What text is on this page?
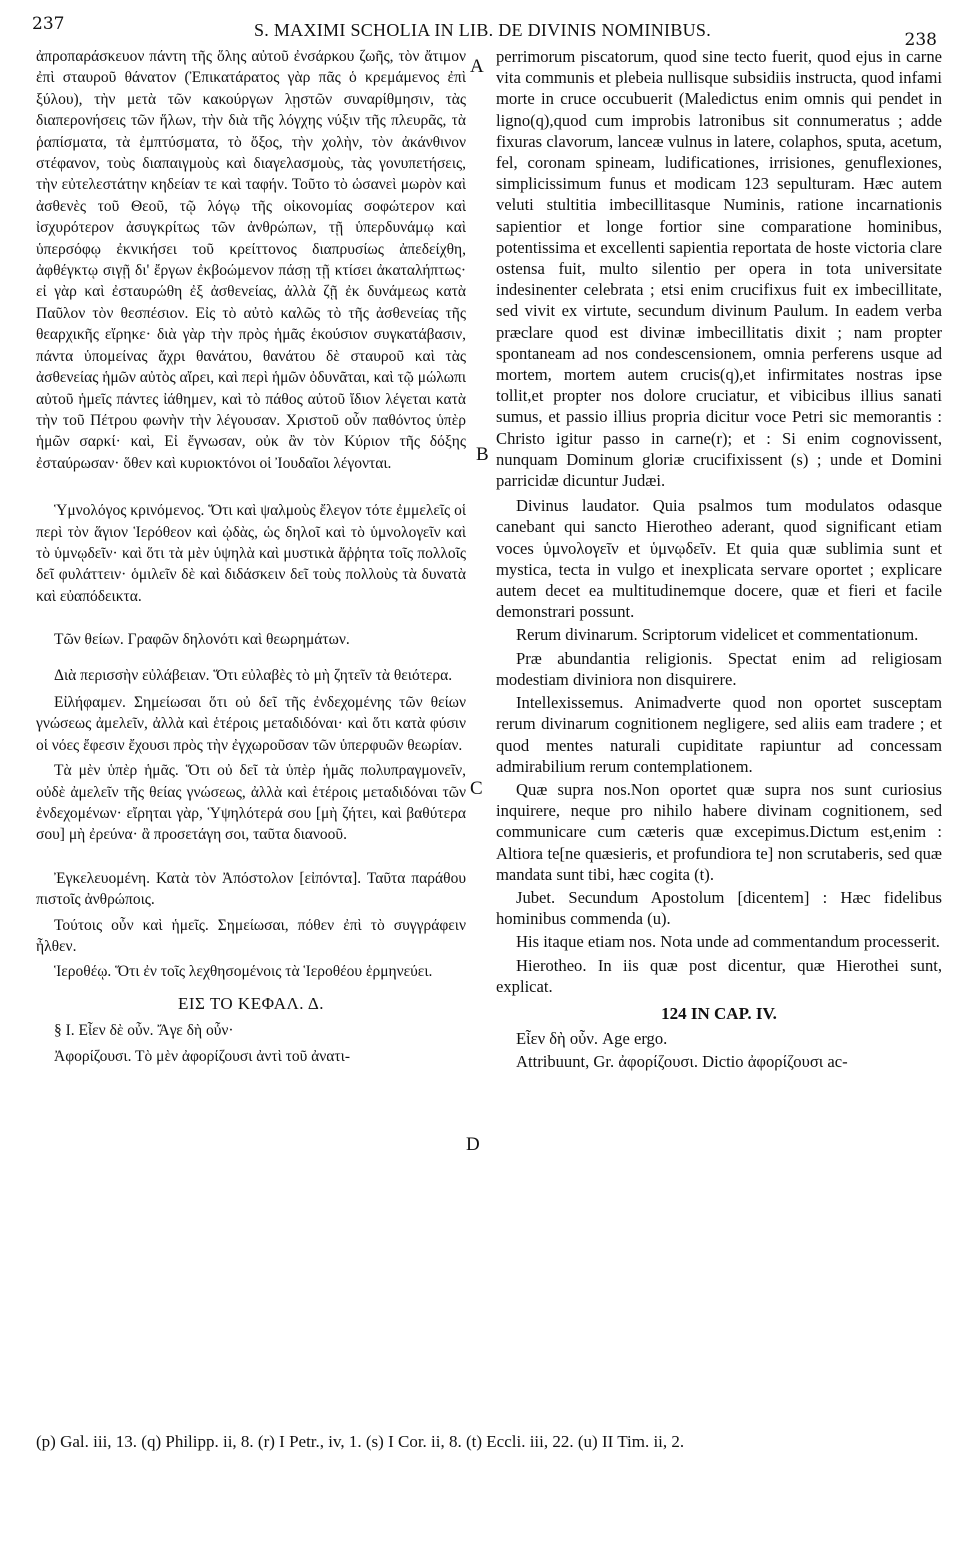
237	S. MAXIMI SCHOLIA IN LIB. DE DIVINIS NOMINIBUS.	238

ἀπροπαράσκευον πάντη τῆς ὅλης αὐτοῦ ἐνσάρκου ζωῆς, τὸν ἄτιμον ἐπὶ σταυροῦ θάνατον (Ἐπικατάρατος γὰρ πᾶς ὁ κρεμάμενος ἐπὶ ξύλου), τὴν μετὰ τῶν κακούργων λῃστῶν συναρίθμησιν, τὰς διαπερονήσεις τῶν ἥλων, τὴν διὰ τῆς λόγχης νύξιν τῆς πλευρᾶς, τὰ ῥαπίσματα, τὰ ἐμπτύσματα, τὸ ὄξος, τὴν χολὴν, τὸν ἀκάνθινον στέφανον, τοὺς διαπαιγμοὺς καὶ διαγελασμοὺς, τὰς γονυπετήσεις, τὴν εὐτελεστάτην κηδείαν τε καὶ ταφήν. Τοῦτο τὸ ὡσανεὶ μωρὸν καὶ ἀσθενὲς τοῦ Θεοῦ, τῷ λόγῳ τῆς οἰκονομίας σοφώτερον καὶ ἰσχυρότερον ἀσυγκρίτως τῶν ἀνθρώπων, τῇ ὑπερδυνάμῳ καὶ ὑπερσόφῳ ἐκνικήσει τοῦ κρείττονος διαπρυσίως ἀπεδείχθη, ἀφθέγκτῳ σιγῇ δι' ἔργων ἐκβοώμενον πάσῃ τῇ κτίσει ἀκαταλήπτως· εἰ γὰρ καὶ ἐσταυρώθη ἐξ ἀσθενείας, ἀλλὰ ζῇ ἐκ δυνάμεως κατὰ Παῦλον τὸν θεσπέσιον. Εἰς τὸ αὐτὸ καλῶς τὸ τῆς ἀσθενείας τῆς θεαρχικῆς εἴρηκε· διὰ γὰρ τὴν πρὸς ἡμᾶς ἑκούσιον συγκατάβασιν, πάντα ὑπομείνας ἄχρι θανάτου, θανάτου δὲ σταυροῦ καὶ τὰς ἀσθενείας ἡμῶν αὐτὸς αἴρει, καὶ περὶ ἡμῶν ὀδυνᾶται, καὶ τῷ μώλωπι αὐτοῦ ἡμεῖς πάντες ἰάθημεν, καὶ τὸ πάθος αὐτοῦ ἴδιον λέγεται κατὰ τὴν τοῦ Πέτρου φωνὴν τὴν λέγουσαν. Χριστοῦ οὖν παθόντος ὑπὲρ ἡμῶν σαρκί· καὶ, Εἰ ἔγνωσαν, οὐκ ἂν τὸν Κύριον τῆς δόξης ἐσταύρωσαν· ὅθεν καὶ κυριοκτόνοι οἱ Ἰουδαῖοι λέγονται.

Ὑμνολόγος κρινόμενος. Ὅτι καὶ ψαλμοὺς ἔλεγον τότε ἐμμελεῖς οἱ περὶ τὸν ἅγιον Ἱερόθεον καὶ ᾠδὰς, ὡς δηλοῖ καὶ τὸ ὑμνολογεῖν καὶ τὸ ὑμνῳδεῖν· καὶ ὅτι τὰ μὲν ὑψηλὰ καὶ μυστικὰ ἄῤῥητα τοῖς πολλοῖς δεῖ φυλάττειν· ὁμιλεῖν δὲ καὶ διδάσκειν δεῖ τοὺς πολλοὺς τὰ δυνατὰ καὶ εὐαπόδεικτα.

Τῶν θείων. Γραφῶν δηλονότι καὶ θεωρημάτων.

Διὰ περισσὴν εὐλάβειαν. Ὅτι εὐλαβὲς τὸ μὴ ζητεῖν τὰ θειότερα.

Εἰλήφαμεν. Σημείωσαι ὅτι οὐ δεῖ τῆς ἐνδεχομένης τῶν θείων γνώσεως ἀμελεῖν, ἀλλὰ καὶ ἑτέροις μεταδιδόναι· καὶ ὅτι κατὰ φύσιν οἱ νόες ἔφεσιν ἔχουσι πρὸς τὴν ἐγχωροῦσαν τῶν ὑπερφυῶν θεωρίαν.

Τὰ μὲν ὑπὲρ ἡμᾶς. Ὅτι οὐ δεῖ τὰ ὑπὲρ ἡμᾶς πολυπραγμονεῖν, οὐδὲ ἀμελεῖν τῆς θείας γνώσεως, ἀλλὰ καὶ ἑτέροις μεταδιδόναι τῶν ἐνδεχομένων· εἴρηται γὰρ, Ὑψηλότερά σου [μὴ ζήτει, καὶ βαθύτερα σου] μὴ ἐρεύνα· ἃ προσετάγη σοι, ταῦτα διανοοῦ.

Ἐγκελευομένη. Κατὰ τὸν Ἀπόστολον [εἰπόντα]. Ταῦτα παράθου πιστοῖς ἀνθρώποις.

Τούτοις οὖν καὶ ἡμεῖς. Σημείωσαι, πόθεν ἐπὶ τὸ συγγράφειν ἦλθεν.

Ἱεροθέῳ. Ὅτι ἐν τοῖς λεχθησομένοις τὰ Ἱεροθέου ἑρμηνεύει.

ΕΙΣ ΤΟ ΚΕΦΑΛ. Δ.

§ I. Εἶεν δὲ οὖν. Ἄγε δὴ οὖν·

Ἀφορίζουσι. Τὸ μὲν ἀφορίζουσι ἀντὶ τοῦ ἀνατι-

perrimorum piscatorum, quod sine tecto fuerit, quod ejus in carne vita communis et plebeia nullisque subsidiis instructa, quod infami morte in cruce occubuerit (Maledictus enim omnis qui pendet in ligno(q),quod cum improbis latronibus sit connumeratus ; adde fixuras clavorum, lanceæ vulnus in latere, colaphos, sputa, acetum, fel, coronam spineam, ludificationes, irrisiones, genuflexiones, simplicissimum funus et modicam 123 sepulturam. Hæc autem veluti stultitia imbecillitasque Numinis, ratione incarnationis sapientior et longe fortior sine comparatione hominibus, potentissima et excellenti sapientia reportata de hoste victoria clare ostensa fuit, multo silentio per opera in tota universitate indesinenter celebrata ; etsi enim crucifixus fuit ex imbecillitate, sed vivit ex virtute, secundum divinum Paulum. In eadem verba præclare quod est divinæ imbecillitatis dixit ; nam propter spontaneam ad nos condescensionem, omnia perferens usque ad mortem, mortem autem crucis(q),et infirmitates nostras ipse tollit,et propter nos dolore cruciatur, et vibicibus illius sanati sumus, et passio illius propria dicitur voce Petri sic memorantis : Christo igitur passo in carne(r); et : Si enim cognovissent, nunquam Dominum gloriæ crucifixissent (s) ; unde et Domini parricidæ dicuntur Judæi.

Divinus laudator. Quia psalmos tum modulatos odasque canebant qui sancto Hierotheo aderant, quod significant etiam voces ὑμνολογεῖν et ὑμνῳδεῖν. Et quia quæ sublimia sunt et mystica, tecta in vulgo et inexplicata servare oportet ; explicare autem decet ea multitudinemque docere, quæ et fieri et facile demonstrari possunt.

Rerum divinarum. Scriptorum videlicet et commentationum.

Præ abundantia religionis. Spectat enim ad religiosam modestiam diviniora non disquirere.

Intellexissemus. Animadverte quod non oportet susceptam rerum divinarum cognitionem negligere, sed aliis eam tradere ; et quod mentes naturali cupiditate rapiuntur ad concessam admirabilium rerum contemplationem.

Quæ supra nos.Non oportet quæ supra nos sunt curiosius inquirere, neque pro nihilo habere divinam cognitionem, sed communicare cum cæteris quæ excepimus.Dictum est,enim : Altiora te[ne quæsieris, et profundiora te] non scrutaberis, sed quæ mandata sunt tibi, hæc cogita (t).

Jubet. Secundum Apostolum [dicentem] : Hæc fidelibus hominibus commenda (u).

His itaque etiam nos. Nota unde ad commentandum processerit.

Hierotheo. In iis quæ post dicentur, quæ Hierothei sunt, explicat.

124 IN CAP. IV.

Εἶεν δὴ οὖν. Age ergo.

Attribuunt, Gr. ἀφορίζουσι. Dictio ἀφορίζουσι ac-

A
B
C
D
(p) Gal. iii, 13. (q) Philipp. ii, 8. (r) I Petr., iv, 1. (s) I Cor. ii, 8. (t) Eccli. iii, 22. (u) II Tim. ii, 2.
